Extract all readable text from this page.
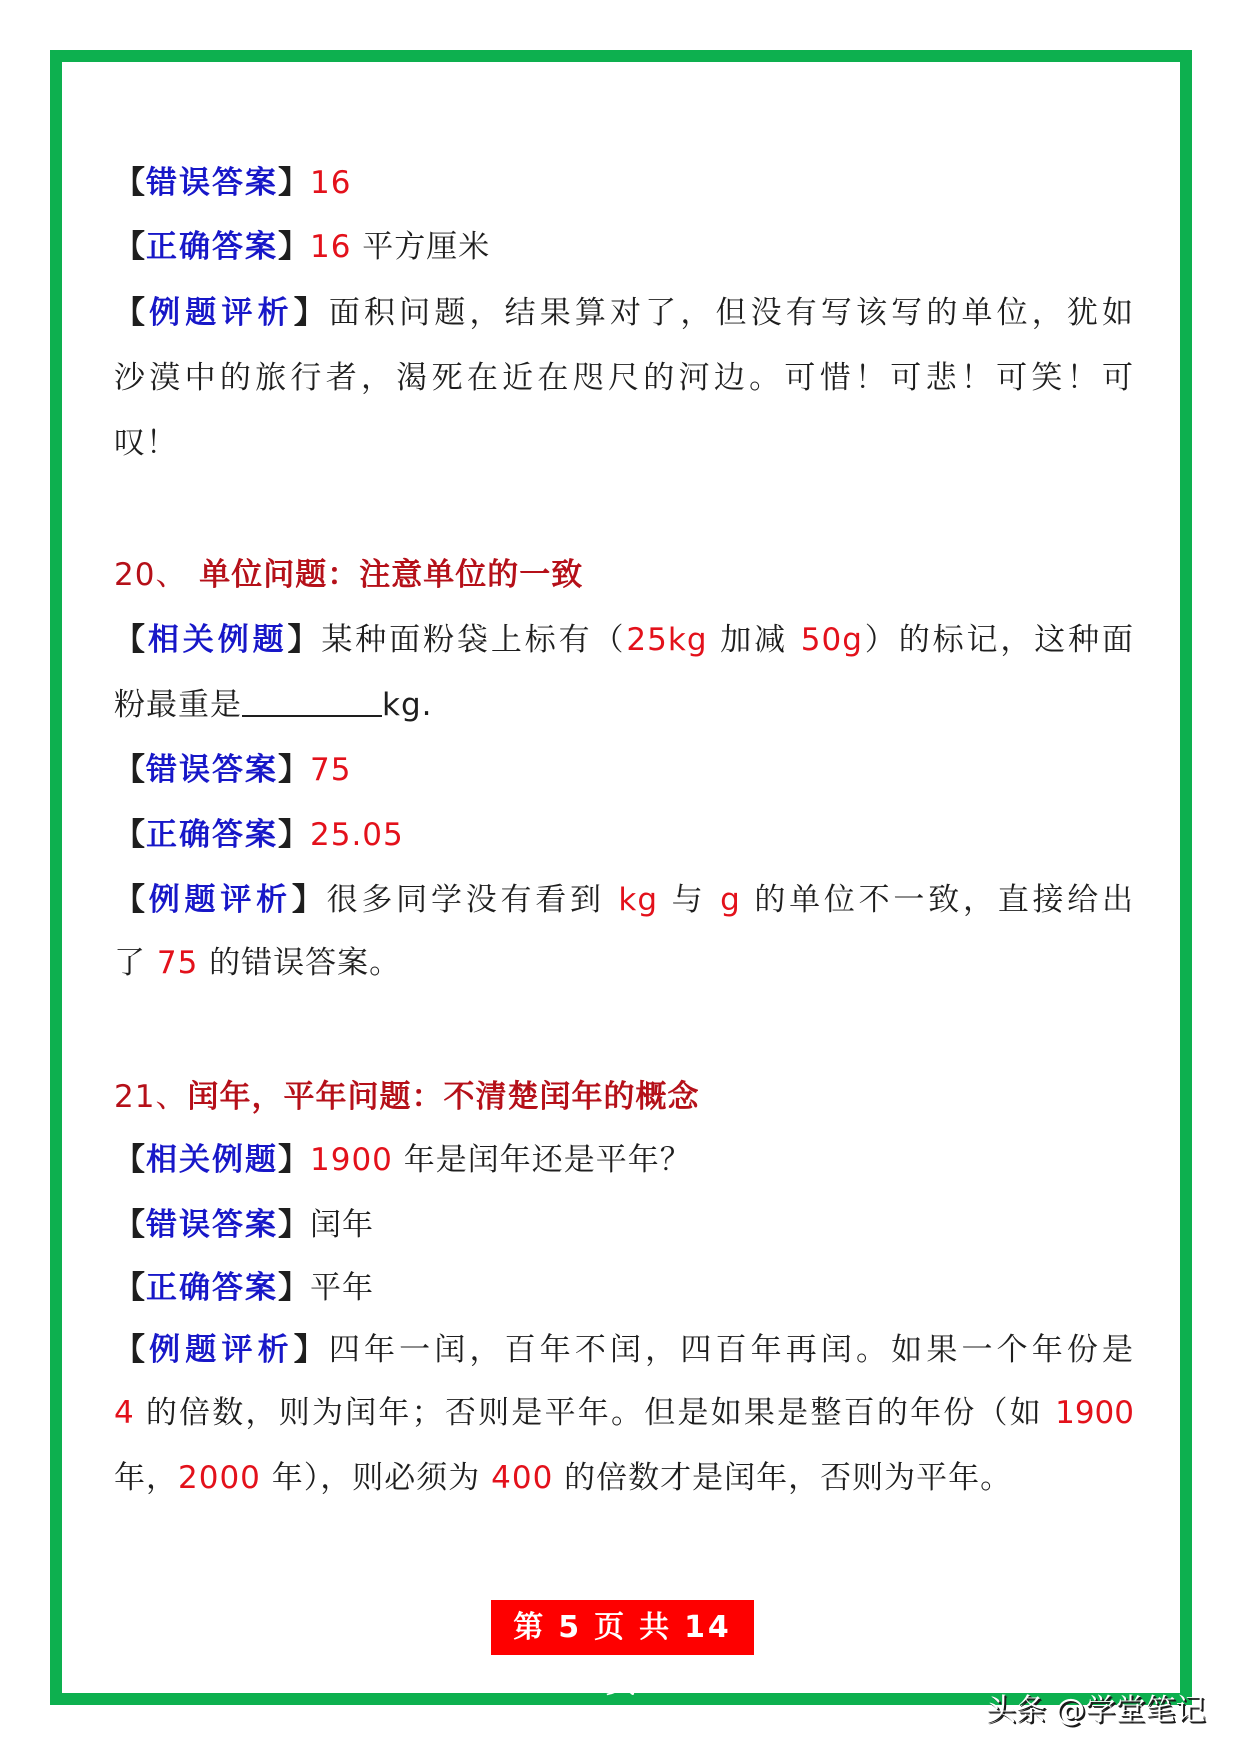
【错误答案】16
【正确答案】16 平方厘米
【例题评析】面积问题，结果算对了，但没有写该写的单位，犹如
沙漠中的旅行者，渴死在近在咫尺的河边。可惜！可悲！可笑！可
叹！
20、 单位问题：注意单位的一致
【相关例题】某种面粉袋上标有（25kg 加减 50g）的标记，这种面
粉最重是	kg.
【错误答案】75
【正确答案】25.05
【例题评析】很多同学没有看到 kg 与 g 的单位不一致，直接给出
了 75 的错误答案。
21、闰年，平年问题：不清楚闰年的概念
【相关例题】1900 年是闰年还是平年？
【错误答案】闰年
【正确答案】平年
【例题评析】四年一闰，百年不闰，四百年再闰。如果一个年份是
4 的倍数，则为闰年；否则是平年。但是如果是整百的年份（如 1900
年，2000 年），则必须为 400 的倍数才是闰年，否则为平年。
第 5 页 共 14页
头条 @学堂笔记
